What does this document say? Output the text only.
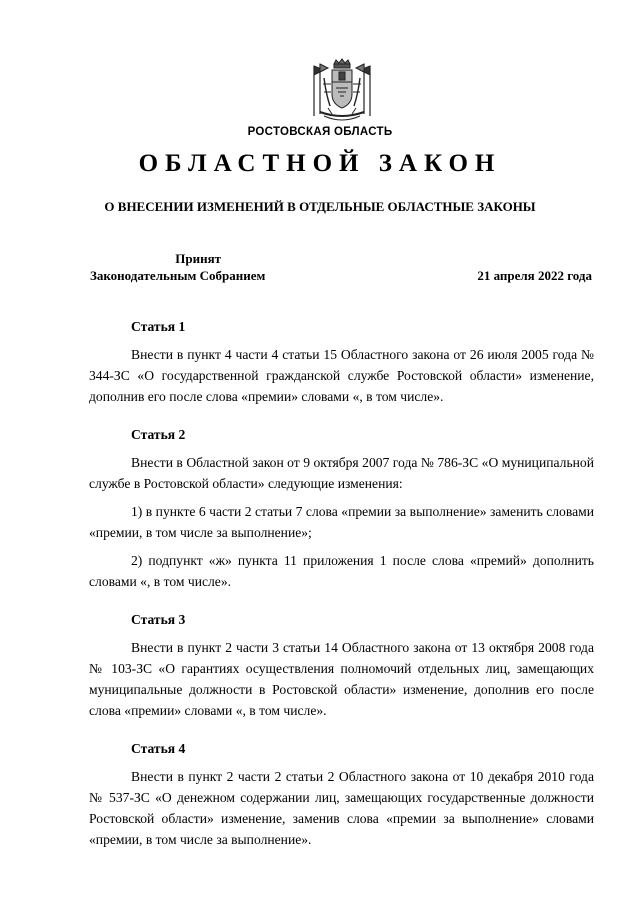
РОСТОВСКАЯ ОБЛАСТЬ
ОБЛАСТНОЙ ЗАКОН
О ВНЕСЕНИИ ИЗМЕНЕНИЙ В ОТДЕЛЬНЫЕ ОБЛАСТНЫЕ ЗАКОНЫ
Принят
Законодательным Собранием	21 апреля 2022 года
Статья 1

Внести в пункт 4 части 4 статьи 15 Областного закона от 26 июля 2005 года № 344-ЗС «О государственной гражданской службе Ростовской области» изменение, дополнив его после слова «премии» словами «, в том числе».

Статья 2

Внести в Областной закон от 9 октября 2007 года № 786-ЗС «О муниципальной службе в Ростовской области» следующие изменения:

1) в пункте 6 части 2 статьи 7 слова «премии за выполнение» заменить словами «премии, в том числе за выполнение»;

2) подпункт «ж» пункта 11 приложения 1 после слова «премий» дополнить словами «, в том числе».

Статья 3

Внести в пункт 2 части 3 статьи 14 Областного закона от 13 октября 2008 года № 103-ЗС «О гарантиях осуществления полномочий отдельных лиц, замещающих муниципальные должности в Ростовской области» изменение, дополнив его после слова «премии» словами «, в том числе».

Статья 4

Внести в пункт 2 части 2 статьи 2 Областного закона от 10 декабря 2010 года № 537-ЗС «О денежном содержании лиц, замещающих государственные должности Ростовской области» изменение, заменив слова «премии за выполнение» словами «премии, в том числе за выполнение».
